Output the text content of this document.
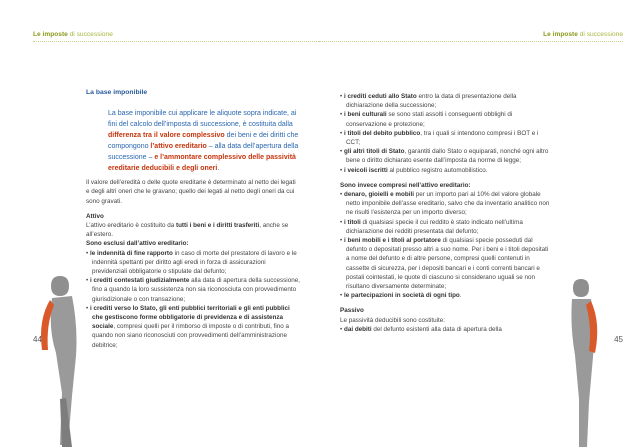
Le imposte di successione
44
La base imponibile
La base imponibile cui applicare le aliquote sopra indicate, ai fini del calcolo dell’imposta di successione, è costituita dalla differenza tra il valore complessivo dei beni e dei diritti che compongono l’attivo ereditario – alla data dell’apertura della successione – e l’ammontare complessivo delle passività ereditarie deducibili e degli oneri.

Il valore dell’eredità o delle quote ereditarie è determinato al netto dei legati e degli altri oneri che le gravano; quello dei legati al netto degli oneri da cui sono gravati.

Attivo

L’attivo ereditario è costituito da tutti i beni e i diritti trasferiti, anche se all’estero.

Sono esclusi dall’attivo ereditario:

• le indennità di fine rapporto in caso di morte del prestatore di lavoro e le indennità spettanti per diritto agli eredi in forza di assicurazioni previdenziali obbligatorie o stipulate dal defunto;

• i crediti contestati giudizialmente alla data di apertura della successione, fino a quando la loro sussistenza non sia riconosciuta con provvedimento giurisdizionale o con transazione;

• i crediti verso lo Stato, gli enti pubblici territoriali e gli enti pubblici che gestiscono forme obbligatorie di previdenza e di assistenza sociale, compresi quelli per il rimborso di imposte o di contributi, fino a quando non siano riconosciuti con provvedimenti dell’amministrazione debitrice;

Le imposte di successione

• i crediti ceduti allo Stato entro la data di presentazione della dichiarazione della successione;

• i beni culturali se sono stati assolti i conseguenti obblighi di conservazione e protezione;

• i titoli del debito pubblico, tra i quali si intendono compresi i BOT e i CCT;

• gli altri titoli di Stato, garantiti dallo Stato o equiparati, nonché ogni altro bene o diritto dichiarato esente dall’imposta da norme di legge;

• i veicoli iscritti al pubblico registro automobilistico.

Sono invece compresi nell’attivo ereditario:

• denaro, gioielli e mobili per un importo pari al 10% del valore globale netto imponibile dell’asse ereditario, salvo che da inventario analitico non ne risulti l’esistenza per un importo diverso;

• i titoli di qualsiasi specie il cui reddito è stato indicato nell’ultima dichiarazione dei redditi presentata dal defunto;

• i beni mobili e i titoli al portatore di qualsiasi specie posseduti dal defunto o depositati presso altri a suo nome. Per i beni e i titoli depositati a nome del defunto e di altre persone, compresi quelli contenuti in cassette di sicurezza, per i depositi bancari e i conti correnti bancari e postali cointestati, le quote di ciascuno si considerano uguali se non risultano diversamente determinate;

• le partecipazioni in società di ogni tipo.

Passivo

Le passività deducibili sono costituite:

• dai debiti del defunto esistenti alla data di apertura della

45
